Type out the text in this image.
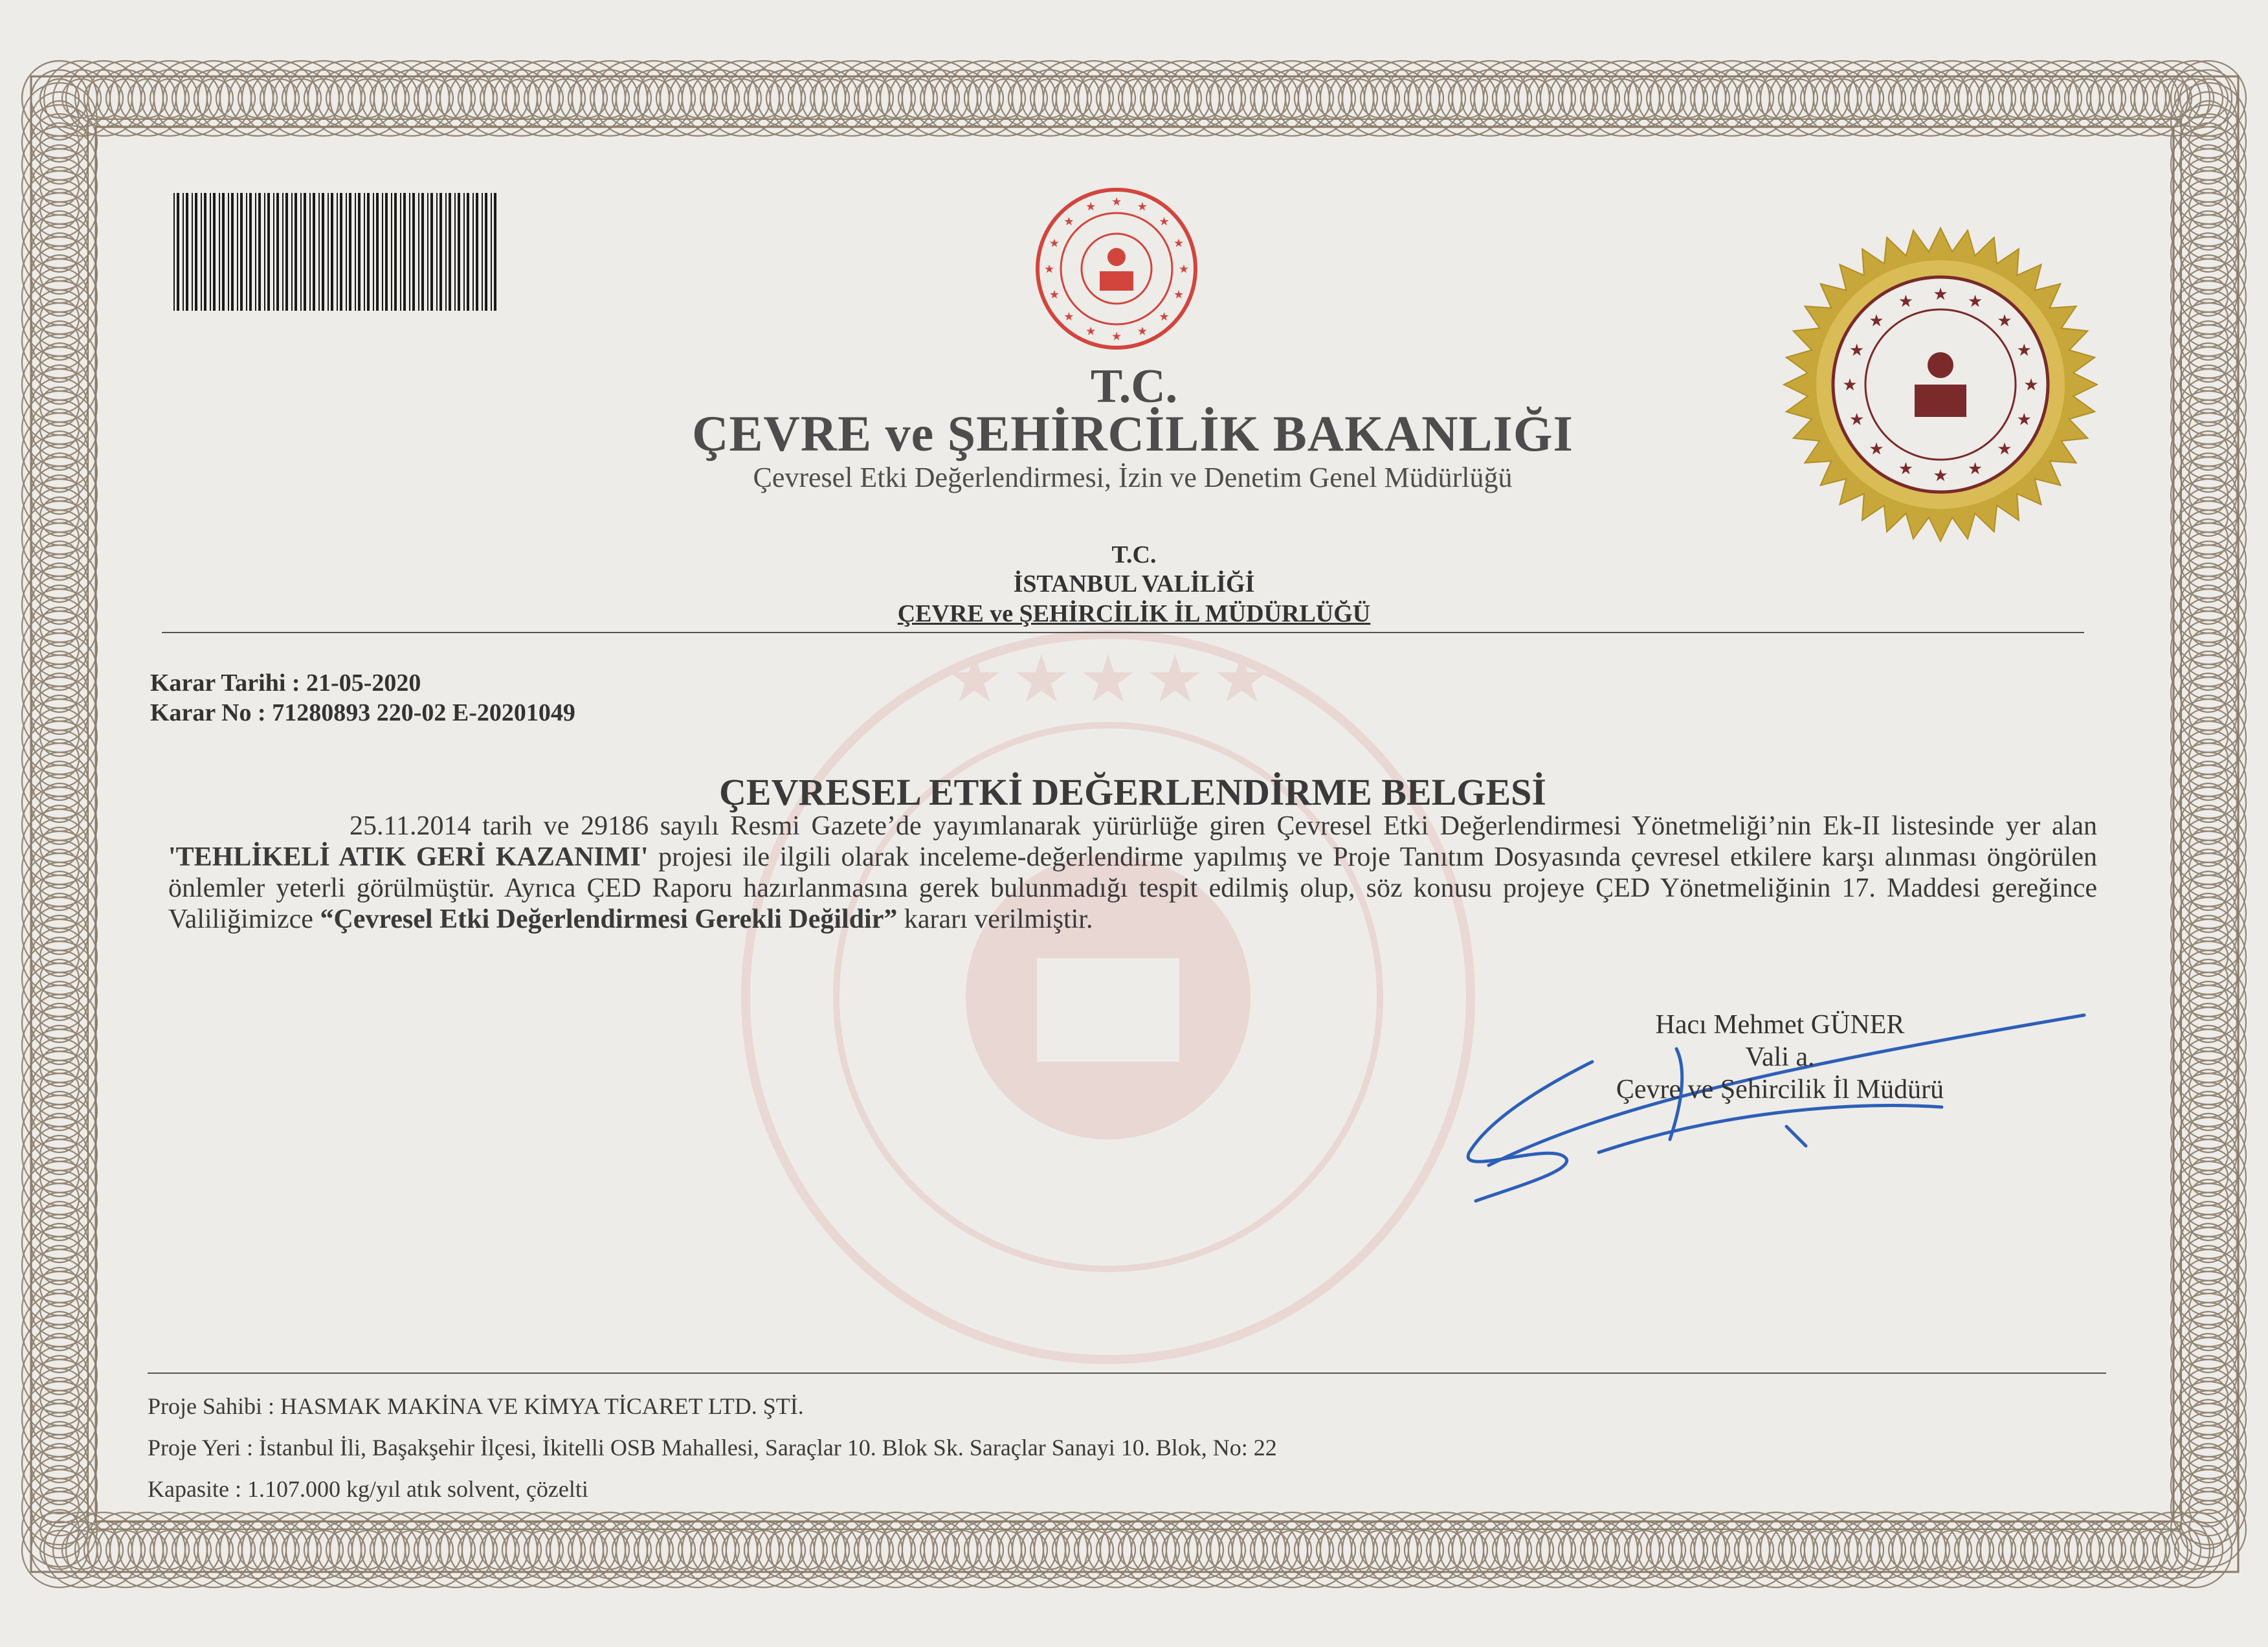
★ ★ ★ ★ ★
★
★
★
★
★
★
★
★
★
★
★
★ ★ ★
★
★
★
★
★
★
★
★
★
★
★
★
★
★ ★ ★
★
★
T.C.
ÇEVRE ve ŞEHİRCİLİK BAKANLIĞI
Çevresel Etki Değerlendirmesi, İzin ve Denetim Genel Müdürlüğü
T.C.
İSTANBUL VALİLİĞİ
ÇEVRE ve ŞEHİRCİLİK İL MÜDÜRLÜĞÜ
Karar Tarihi : 21-05-2020
Karar No : 71280893 220-02 E-20201049
ÇEVRESEL ETKİ DEĞERLENDİRME BELGESİ
25.11.2014 tarih ve 29186 sayılı Resmi Gazete’de yayımlanarak yürürlüğe giren Çevresel Etki Değerlendirmesi Yönetmeliği’nin Ek-II listesinde yer alan 'TEHLİKELİ ATIK GERİ KAZANIMI' projesi ile ilgili olarak inceleme-değerlendirme yapılmış ve Proje Tanıtım Dosyasında çevresel etkilere karşı alınması öngörülen önlemler yeterli görülmüştür. Ayrıca ÇED Raporu hazırlanmasına gerek bulunmadığı tespit edilmiş olup, söz konusu projeye ÇED Yönetmeliğinin 17. Maddesi gereğince Valiliğimizce “Çevresel Etki Değerlendirmesi Gerekli Değildir” kararı verilmiştir.
Hacı Mehmet GÜNER
Vali a.
Çevre ve Şehircilik İl Müdürü
Proje Sahibi : HASMAK MAKİNA VE KİMYA TİCARET LTD. ŞTİ.
Proje Yeri : İstanbul İli, Başakşehir İlçesi, İkitelli OSB Mahallesi, Saraçlar 10. Blok Sk. Saraçlar Sanayi 10. Blok, No: 22
Kapasite : 1.107.000 kg/yıl atık solvent, çözelti
